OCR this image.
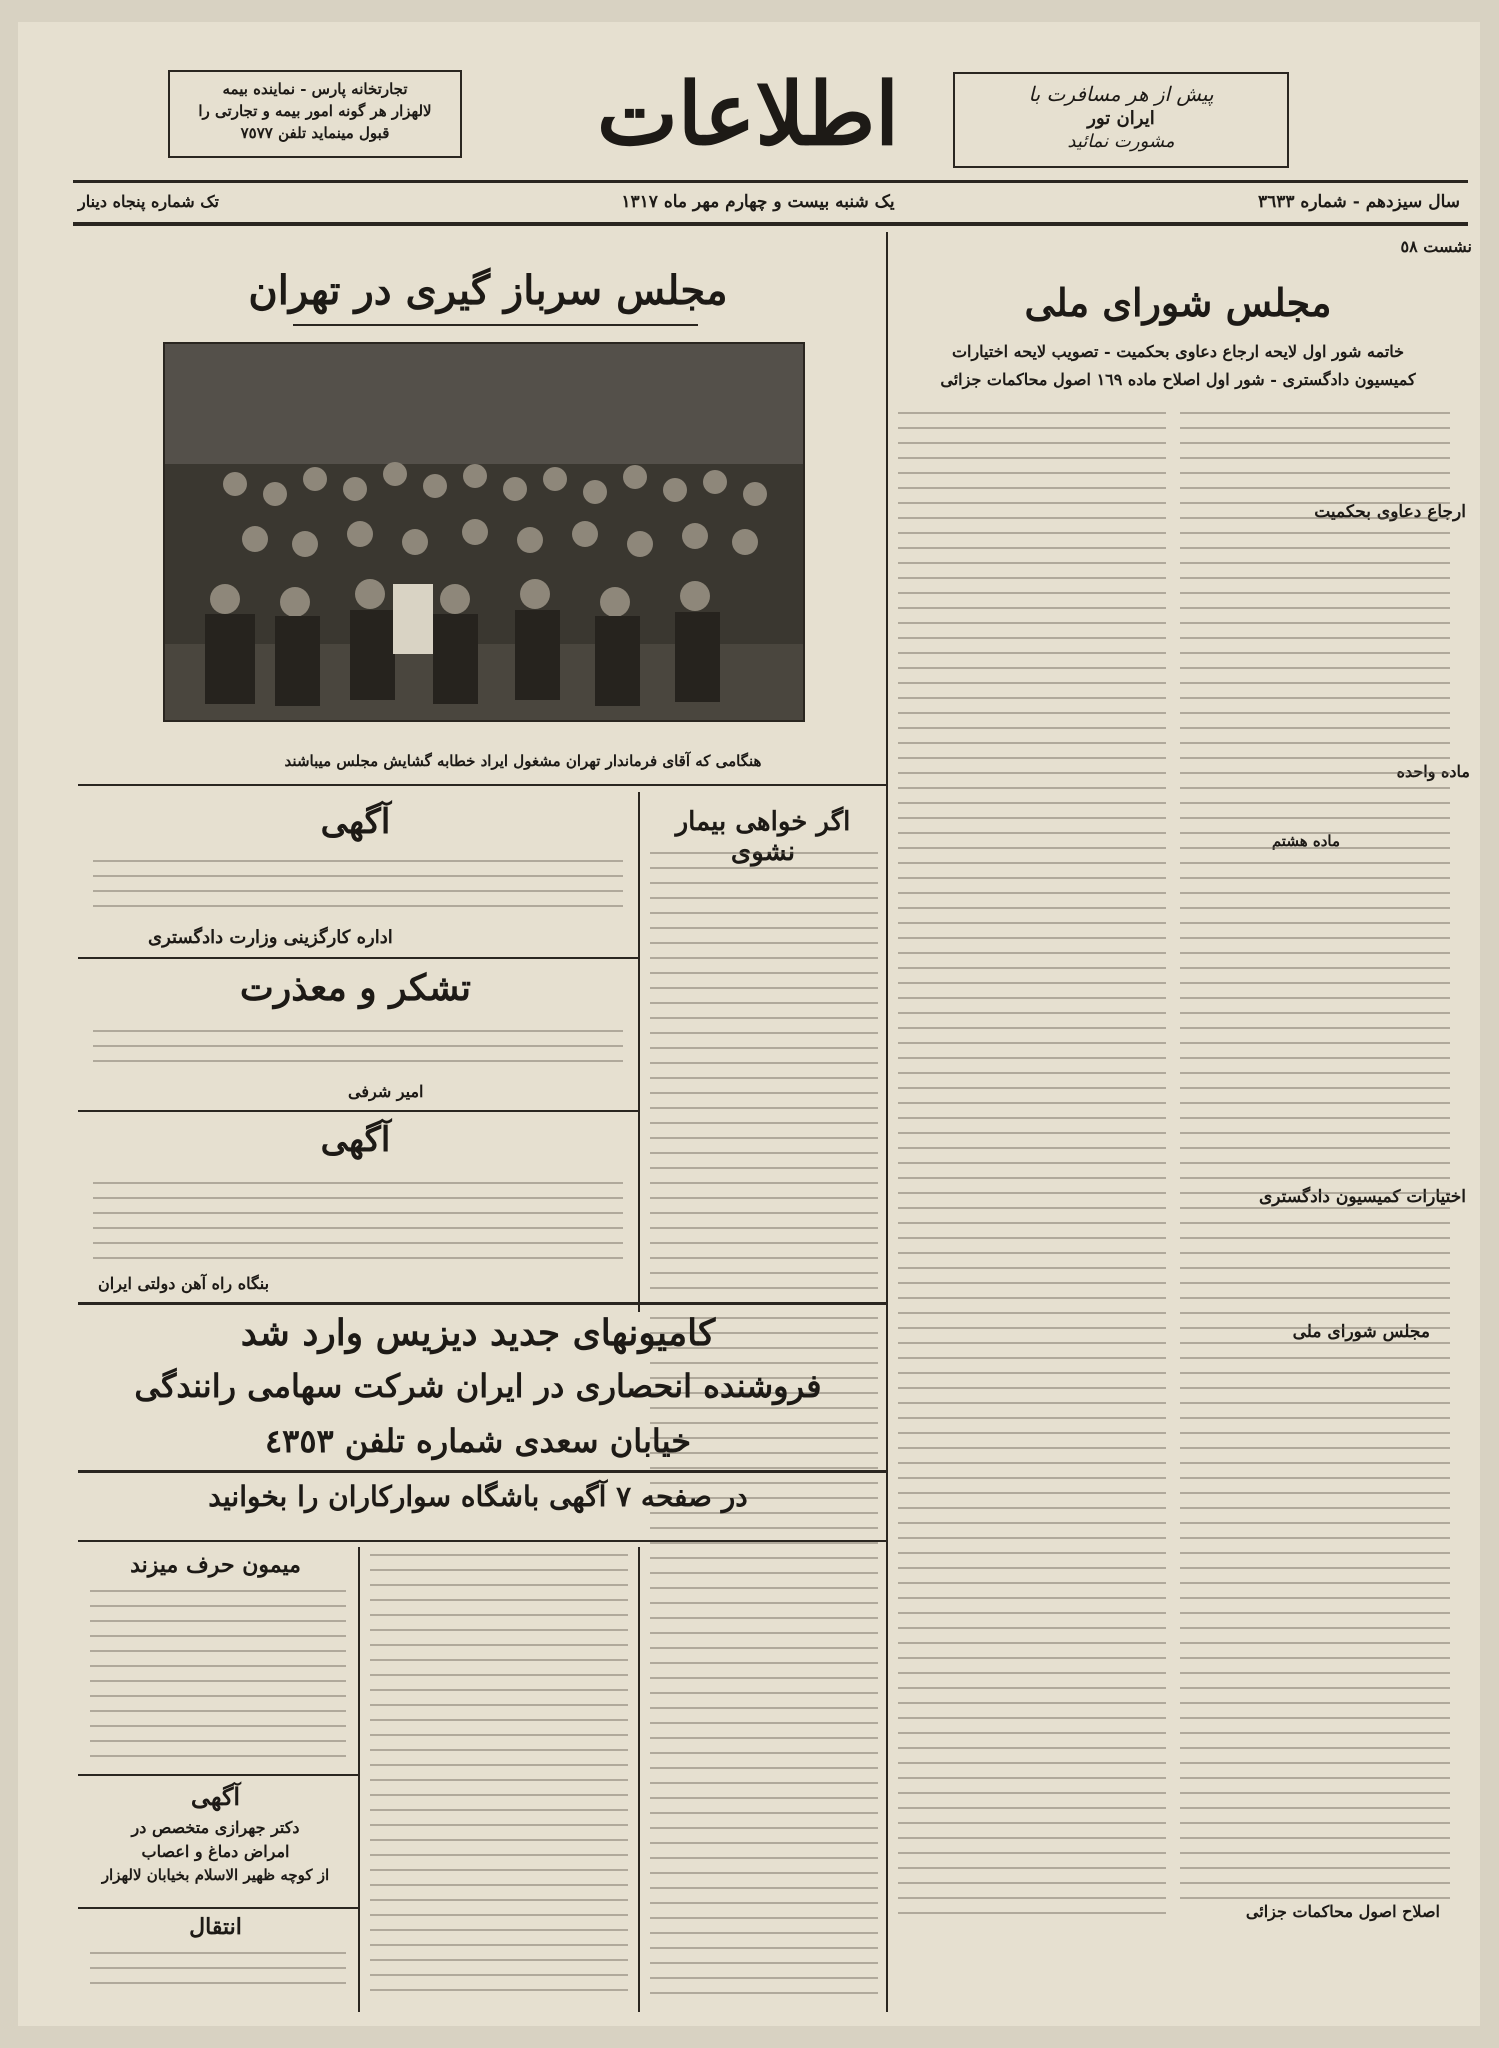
تجارتخانه پارس - نماینده بیمه
لالهزار هر گونه امور بیمه و تجارتی را
قبول مینماید تلفن ٧٥٧٧	اطلاعات	پیش از هر مسافرت با
ایران تور
مشورت نمائید
سال سیزدهم - شماره ٣٦٣٣
یک شنبه بیست و چهارم مهر ماه ١٣١٧
تک شماره پنجاه دینار
نشست ٥٨
مجلس شورای ملی
خاتمه شور اول لایحه ارجاع دعاوی بحکمیت - تصویب لایحه اختیارات
کمیسیون دادگستری - شور اول اصلاح ماده ١٦٩ اصول محاکمات جزائی
ارجاع دعاوی بحکمیت
ماده واحده
ماده هشتم
اختیارات کمیسیون دادگستری
مجلس شورای ملی
اصلاح اصول محاکمات جزائی
مجلس سرباز گیری در تهران
هنگامی که آقای فرماندار تهران مشغول ایراد خطابه گشایش مجلس میباشند
اگر خواهی بیمار نشوی
آگهی
اداره کارگزینی وزارت دادگستری
تشکر و معذرت
امیر شرفی
آگهی
بنگاه راه آهن دولتی ایران
کامیونهای جدید دیزیس وارد شد
فروشنده انحصاری در ایران شرکت سهامی رانندگی
خیابان سعدی شماره تلفن ٤٣٥٣
در صفحه ٧ آگهی باشگاه سوارکاران را بخوانید
میمون حرف میزند
آگهی
دکتر جهرازی متخصص در
امراض دماغ و اعصاب
از کوچه ظهیر الاسلام بخیابان لالهزار
انتقال
